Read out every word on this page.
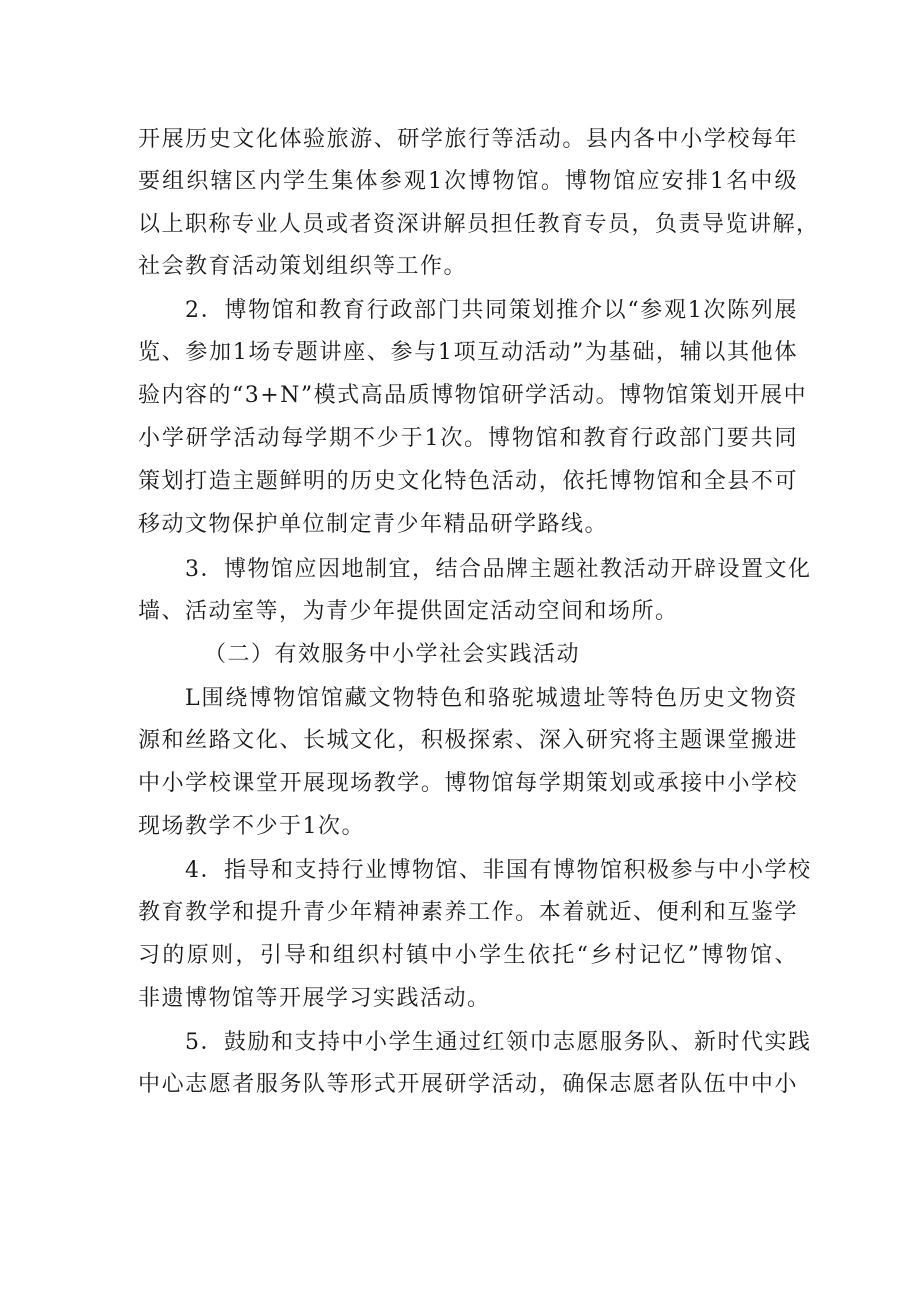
开展历史文化体验旅游、研学旅行等活动。县内各中小学校每年
要组织辖区内学生集体参观1次博物馆。博物馆应安排1名中级
以上职称专业人员或者资深讲解员担任教育专员，负责导览讲解，
社会教育活动策划组织等工作。
2．博物馆和教育行政部门共同策划推介以“参观1次陈列展
览、参加1场专题讲座、参与1项互动活动”为基础，辅以其他体
验内容的“3+N”模式高品质博物馆研学活动。博物馆策划开展中
小学研学活动每学期不少于1次。博物馆和教育行政部门要共同
策划打造主题鲜明的历史文化特色活动，依托博物馆和全县不可
移动文物保护单位制定青少年精品研学路线。
3．博物馆应因地制宜，结合品牌主题社教活动开辟设置文化
墙、活动室等，为青少年提供固定活动空间和场所。
（二）有效服务中小学社会实践活动
L围绕博物馆馆藏文物特色和骆驼城遗址等特色历史文物资
源和丝路文化、长城文化，积极探索、深入研究将主题课堂搬进
中小学校课堂开展现场教学。博物馆每学期策划或承接中小学校
现场教学不少于1次。
4．指导和支持行业博物馆、非国有博物馆积极参与中小学校
教育教学和提升青少年精神素养工作。本着就近、便利和互鉴学
习的原则，引导和组织村镇中小学生依托“乡村记忆”博物馆、
非遗博物馆等开展学习实践活动。
5．鼓励和支持中小学生通过红领巾志愿服务队、新时代实践
中心志愿者服务队等形式开展研学活动，确保志愿者队伍中中小
